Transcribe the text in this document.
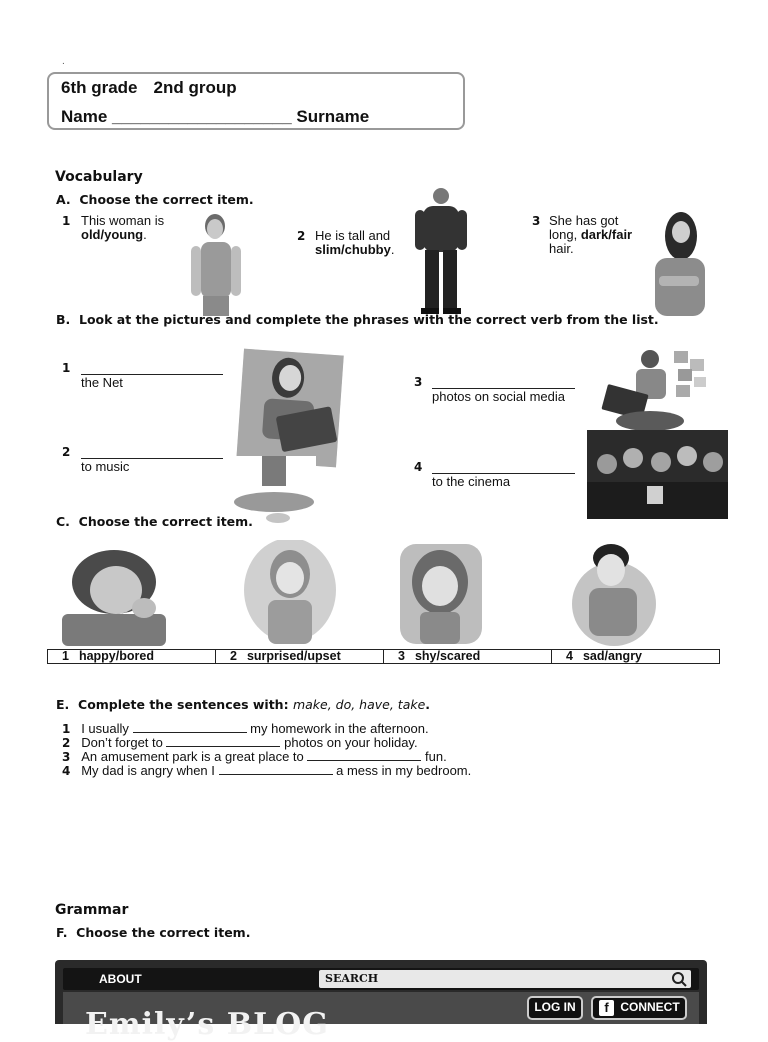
.
6th grade 2nd group
Name ___________________ Surname
Vocabulary
A. Choose the correct item.
1 This woman is
old/young.	2 He is tall and
slim/chubby.
3 She has got
long, dark/fair
hair.
B. Look at the pictures and complete the phrases with the correct verb from the list.
1
the Net
2
to music
3
photos on social media
4
to the cinema
C. Choose the correct item.
1 happy/bored	2 surprised/upset	3 shy/scared	4 sad/angry
E. Complete the sentences with: make, do, have, take.
1 I usually	my homework in the afternoon.
2 Don’t forget to	photos on your holiday.
3 An amusement park is a great place to	fun.
4 My dad is angry when I	a mess in my bedroom.
Grammar
F. Choose the correct item.
ABOUT	SEARCH
Emily’s BLOG	LOG IN	f CONNECT
